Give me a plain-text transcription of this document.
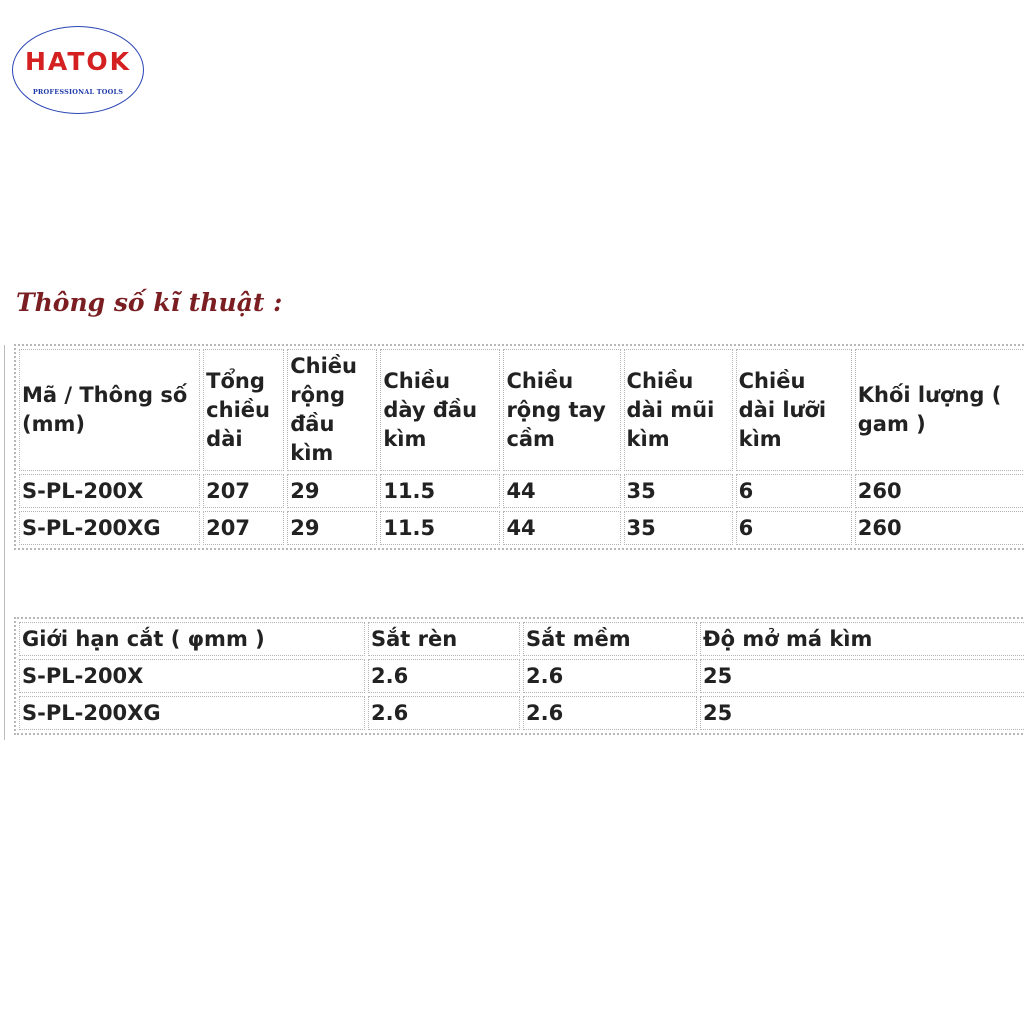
HATOK
PROFESSIONAL TOOLS
Thông số kĩ thuật :
Mã / Thông số (mm)	Tổng chiều dài	Chiều rộng đầu kìm	Chiều dày đầu kìm	Chiều rộng tay cầm	Chiều dài mũi kìm	Chiều dài lưỡi kìm	Khối lượng ( gam )
S-PL-200X	207	29	11.5	44	35	6	260
S-PL-200XG	207	29	11.5	44	35	6	260
Giới hạn cắt ( φmm )	Sắt rèn	Sắt mềm	Độ mở má kìm
S-PL-200X	2.6	2.6	25
S-PL-200XG	2.6	2.6	25
